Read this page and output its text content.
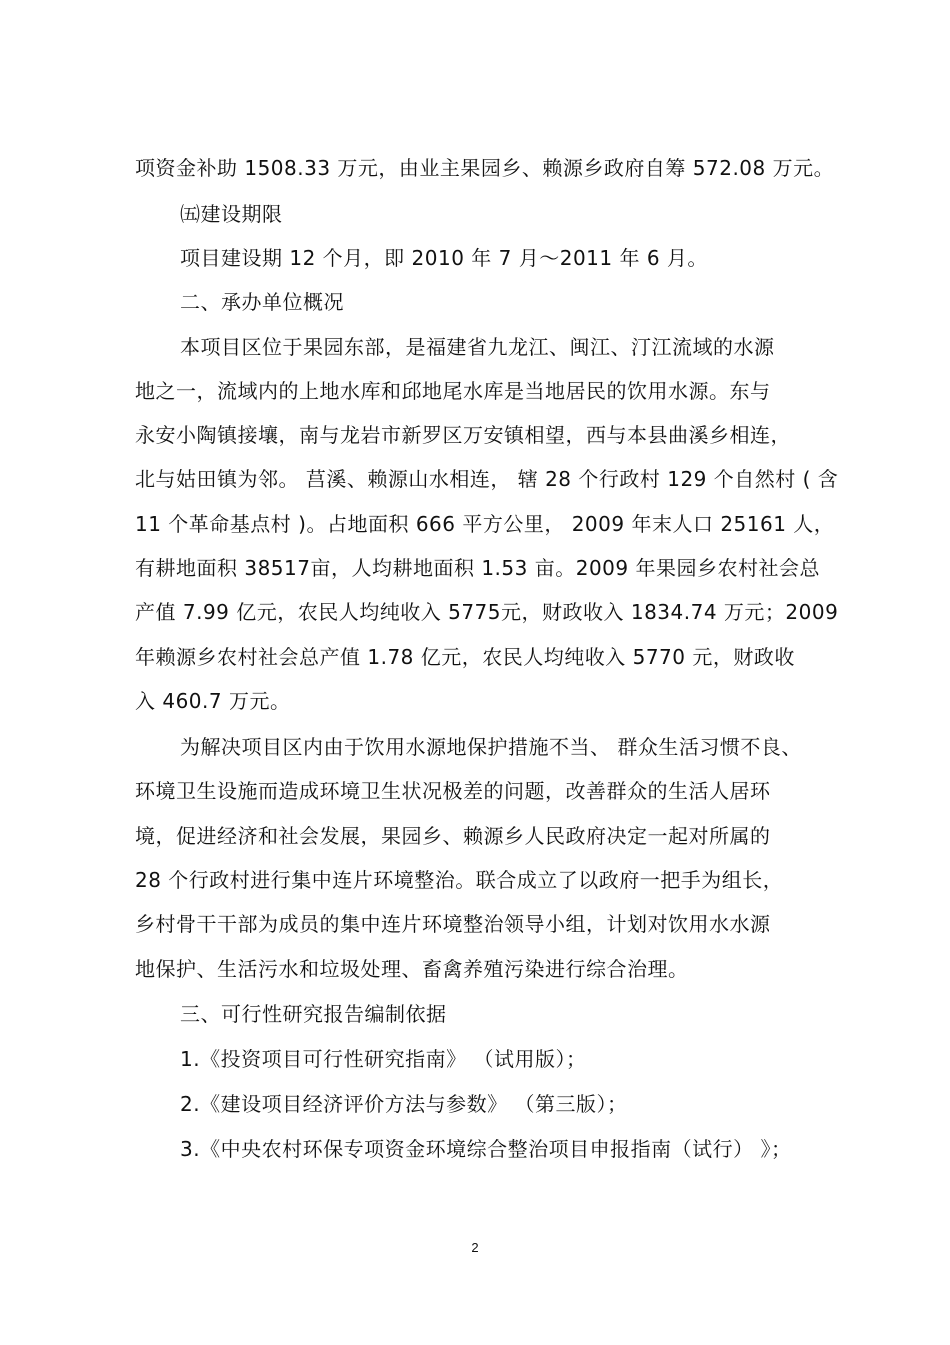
项资金补助 1508.33 万元，由业主果园乡、赖源乡政府自筹 572.08 万元。
㈤建设期限
项目建设期 12 个月，即 2010 年 7 月～2011 年 6 月。
二、承办单位概况
本项目区位于果园东部，是福建省九龙江、闽江、汀江流域的水源
地之一，流域内的上地水库和邱地尾水库是当地居民的饮用水源。东与
永安小陶镇接壤，南与龙岩市新罗区万安镇相望，西与本县曲溪乡相连，
北与姑田镇为邻。 莒溪、赖源山水相连， 辖 28 个行政村 129 个自然村 ( 含
11 个革命基点村 )。占地面积 666 平方公里， 2009 年末人口 25161 人，
有耕地面积 38517亩，人均耕地面积 1.53 亩。2009 年果园乡农村社会总
产值 7.99 亿元，农民人均纯收入 5775元，财政收入 1834.74 万元；2009
年赖源乡农村社会总产值 1.78 亿元，农民人均纯收入 5770 元，财政收
入 460.7 万元。
为解决项目区内由于饮用水源地保护措施不当、 群众生活习惯不良、
环境卫生设施而造成环境卫生状况极差的问题，改善群众的生活人居环
境，促进经济和社会发展，果园乡、赖源乡人民政府决定一起对所属的
28 个行政村进行集中连片环境整治。联合成立了以政府一把手为组长，
乡村骨干干部为成员的集中连片环境整治领导小组，计划对饮用水水源
地保护、生活污水和垃圾处理、畜禽养殖污染进行综合治理。
三、可行性研究报告编制依据
1.《投资项目可行性研究指南》 （试用版）；
2.《建设项目经济评价方法与参数》 （第三版）；
3.《中央农村环保专项资金环境综合整治项目申报指南（试行） 》；
2
